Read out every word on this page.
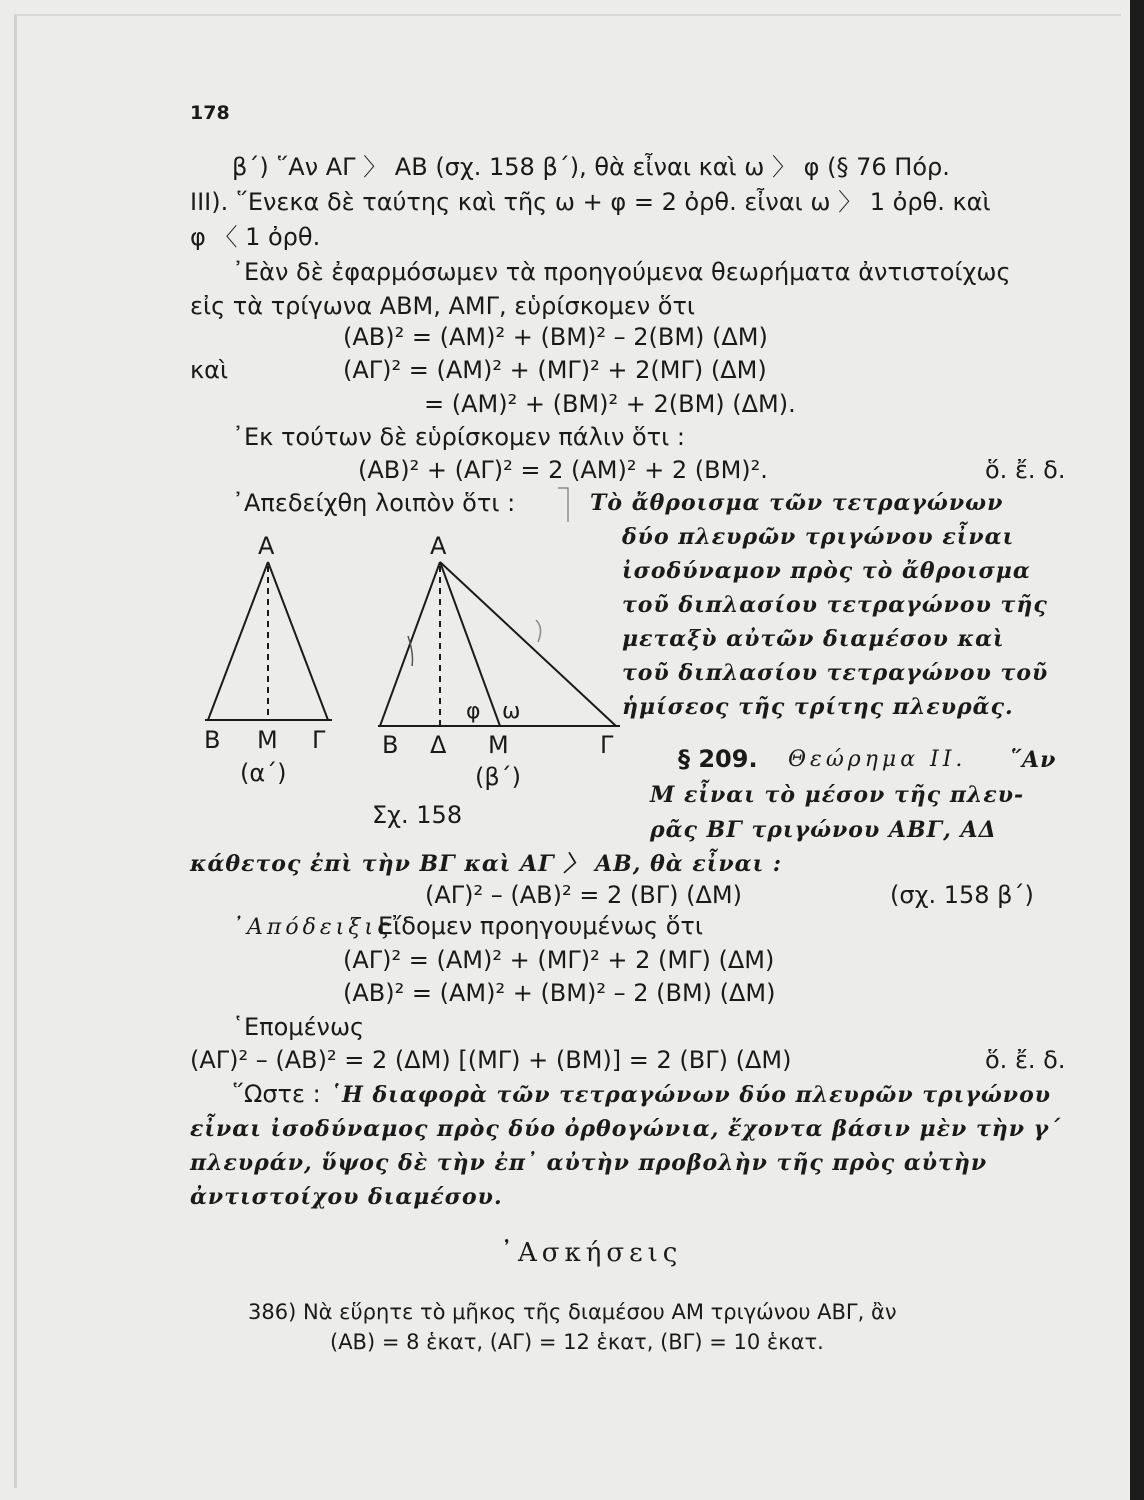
178
β΄) ῞Αν ΑΓ 〉 ΑΒ (σχ. 158 β΄), θὰ εἶναι καὶ ω 〉 φ (§ 76 Πόρ.
III). ῞Ενεκα δὲ ταύτης καὶ τῆς ω + φ = 2 ὀρθ. εἶναι ω 〉 1 ὀρθ. καὶ
φ 〈 1 ὀρθ.
᾿Εὰν δὲ ἐφαρμόσωμεν τὰ προηγούμενα θεωρήματα ἀντιστοίχως
εἰς τὰ τρίγωνα ΑΒΜ, ΑΜΓ, εὑρίσκομεν ὅτι
(ΑΒ)² = (ΑΜ)² + (ΒΜ)² – 2(ΒΜ) (ΔΜ)
καὶ	(ΑΓ)² = (ΑΜ)² + (ΜΓ)² + 2(ΜΓ) (ΔΜ)
= (ΑΜ)² + (ΒΜ)² + 2(ΒΜ) (ΔΜ).
᾿Εκ τούτων δὲ εὑρίσκομεν πάλιν ὅτι :
(ΑΒ)² + (ΑΓ)² = 2 (ΑΜ)² + 2 (ΒΜ)².	ὅ. ἔ. δ.
᾿Απεδείχθη λοιπὸν ὅτι :	Τὸ ἄθροισμα τῶν τετραγώνων
δύο πλευρῶν τριγώνου εἶναι
ἰσοδύναμον πρὸς τὸ ἄθροισμα
τοῦ διπλασίου τετραγώνου τῆς
μεταξὺ αὐτῶν διαμέσου καὶ
τοῦ διπλασίου τετραγώνου τοῦ
ἡμίσεος τῆς τρίτης πλευρᾶς.
Α
Β Μ Γ
(α΄)
Α
Β Δ Μ	Γ
φ ω
(β΄)
Σχ. 158
§ 209. Θεώρημα II. ῞Αν
Μ εἶναι τὸ μέσον τῆς πλευ-
ρᾶς ΒΓ τριγώνου ΑΒΓ, ΑΔ
κάθετος ἐπὶ τὴν ΒΓ καὶ ΑΓ 〉 ΑΒ, θὰ εἶναι :
(ΑΓ)² – (ΑΒ)² = 2 (ΒΓ) (ΔΜ)	(σχ. 158 β΄)
᾿Απόδειξις.
Εἴδομεν προηγουμένως ὅτι
(ΑΓ)² = (ΑΜ)² + (ΜΓ)² + 2 (ΜΓ) (ΔΜ)
(ΑΒ)² = (ΑΜ)² + (ΒΜ)² – 2 (ΒΜ) (ΔΜ)
῾Επομένως
(ΑΓ)² – (ΑΒ)² = 2 (ΔΜ) [(ΜΓ) + (ΒΜ)] = 2 (ΒΓ) (ΔΜ)	ὅ. ἔ. δ.
῞Ωστε : ῾Η διαφορὰ τῶν τετραγώνων δύο πλευρῶν τριγώνου
εἶναι ἰσοδύναμος πρὸς δύο ὀρθογώνια, ἔχοντα βάσιν μὲν τὴν γ΄
πλευράν, ὕψος δὲ τὴν ἐπ᾿ αὐτὴν προβολὴν τῆς πρὸς αὐτὴν
ἀντιστοίχου διαμέσου.
᾿Ασκήσεις
386) Νὰ εὕρητε τὸ μῆκος τῆς διαμέσου ΑΜ τριγώνου ΑΒΓ, ἂν
(ΑΒ) = 8 ἑκατ, (ΑΓ) = 12 ἑκατ, (ΒΓ) = 10 ἑκατ.
